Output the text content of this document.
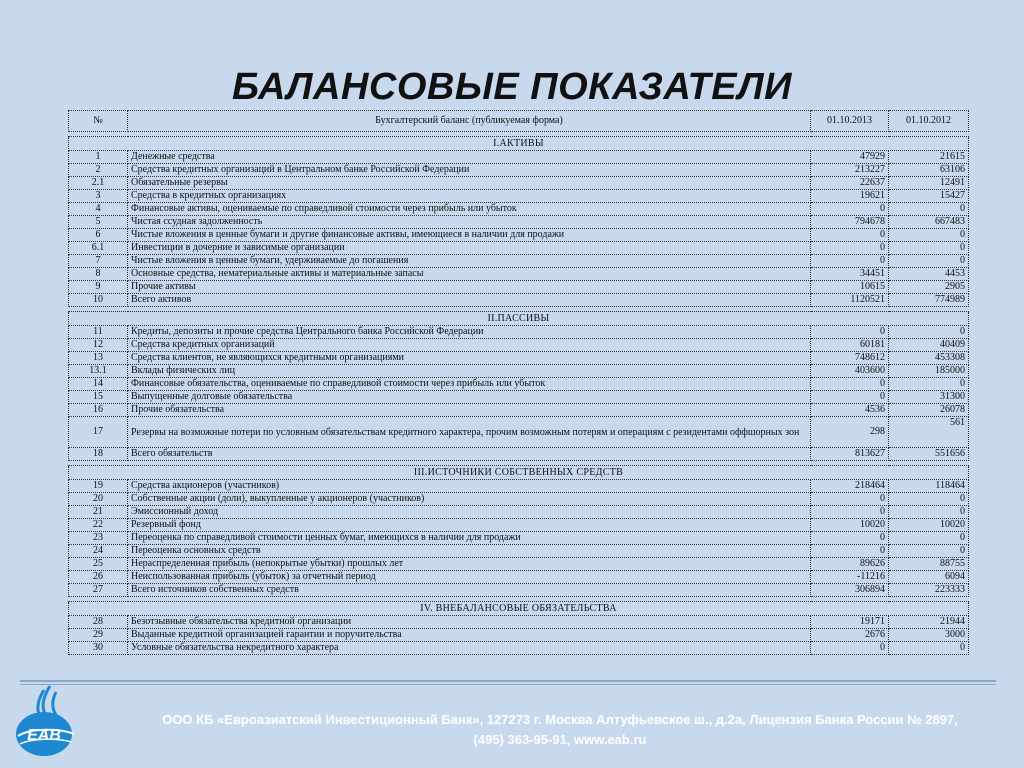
БАЛАНСОВЫЕ ПОКАЗАТЕЛИ
№	Бухгалтерский баланс (публикуемая форма)	01.10.2013	01.10.2012

I.АКТИВЫ			
1	Денежные средства	47929	21615
2	Средства кредитных организаций в Центральном банке Российской Федерации	213227	63106
2.1	Обязательные резервы	22637	12491
3	Средства в кредитных организациях	19621	15427
4	Финансовые активы, оцениваемые по справедливой стоимости через прибыль или убыток	0	0
5	Чистая ссудная задолженность	794678	667483
6	Чистые вложения в ценные бумаги и другие финансовые активы, имеющиеся в наличии для продажи	0	0
6.1	Инвестиции в дочерние и зависимые организации	0	0
7	Чистые вложения в ценные бумаги, удерживаемые до погашения	0	0
8	Основные средства, нематериальные активы и материальные запасы	34451	4453
9	Прочие активы	10615	2905
10	Всего активов	1120521	774989

II.ПАССИВЫ			
11	Кредиты, депозиты и прочие средства Центрального банка Российской Федерации	0	0
12	Средства кредитных организаций	60181	40409
13	Средства клиентов, не являющихся кредитными организациями	748612	453308
13.1	Вклады физических лиц	403600	185000
14	Финансовые обязательства, оцениваемые по справедливой стоимости через прибыль или убыток	0	0
15	Выпущенные долговые обязательства	0	31300
16	Прочие обязательства	4536	26078
17	Резервы на возможные потери по условным обязательствам кредитного характера, прочим возможным потерям и операциям с резидентами оффшорных зон	298	561
18	Всего обязательств	813627	551656

III.ИСТОЧНИКИ СОБСТВЕННЫХ СРЕДСТВ			
19	Средства акционеров (участников)	218464	118464
20	Собственные акции (доли), выкупленные у акционеров (участников)	0	0
21	Эмиссионный доход	0	0
22	Резервный фонд	10020	10020
23	Переоценка по справедливой стоимости ценных бумаг, имеющихся в наличии для продажи	0	0
24	Переоценка основных средств	0	0
25	Нераспределенная прибыль (непокрытые убытки) прошлых лет	89626	88755
26	Неиспользованная прибыль (убыток) за отчетный период	-11216	6094
27	Всего источников собственных средств	306894	223333

IV. ВНЕБАЛАНСОВЫЕ ОБЯЗАТЕЛЬСТВА			
28	Безотзывные обязательства кредитной организации	19171	21944
29	Выданные кредитной организацией гарантии и поручительства	2676	3000
30	Условные обязательства некредитного характера	0	0
EAB
ООО КБ «Евроазиатский Инвестиционный Банк», 127273 г. Москва Алтуфьевское ш., д.2а, Лицензия Банка России № 2897,
(495) 363-95-91, www.eab.ru
